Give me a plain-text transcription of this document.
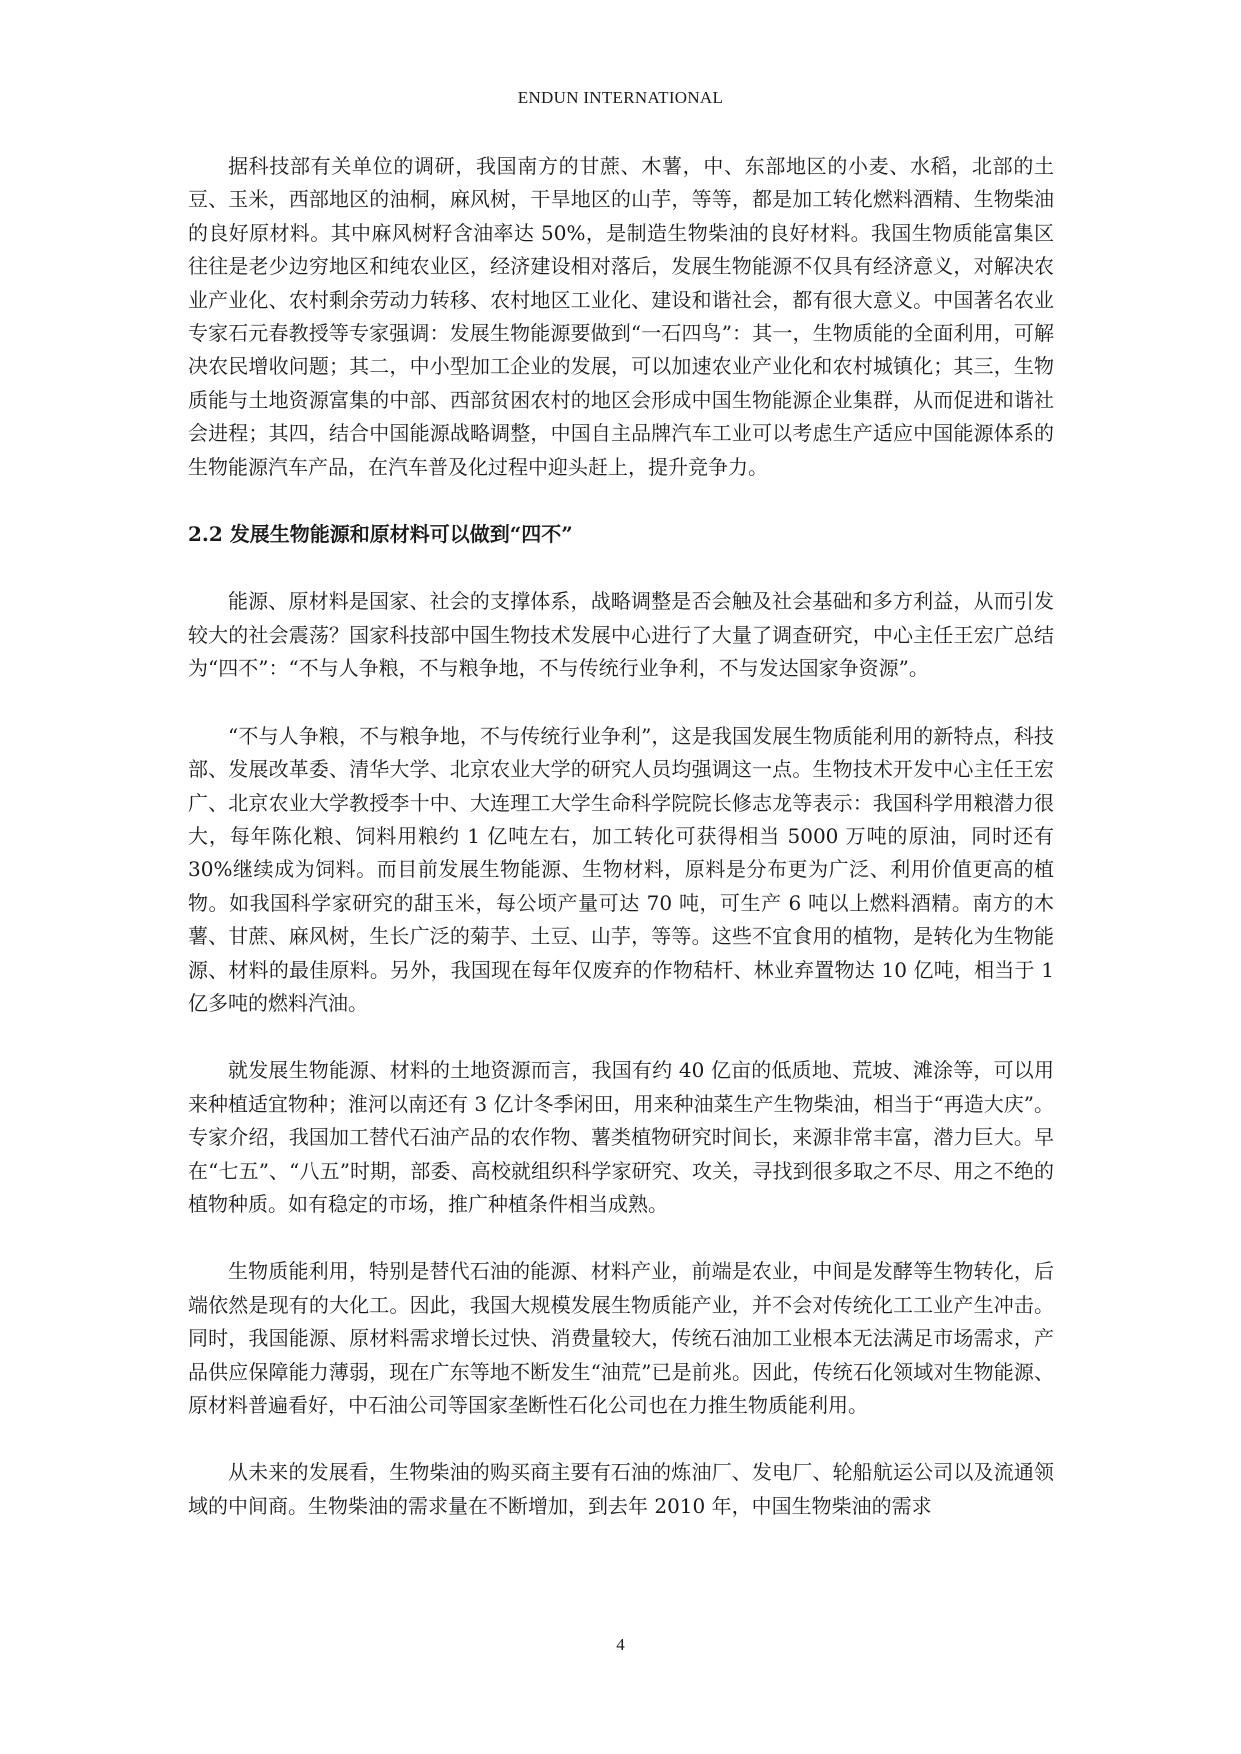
ENDUN INTERNATIONAL

据科技部有关单位的调研，我国南方的甘蔗、木薯，中、东部地区的小麦、水稻，北部的土豆、玉米，西部地区的油桐，麻风树，干旱地区的山芋，等等，都是加工转化燃料酒精、生物柴油的良好原材料。其中麻风树籽含油率达 50%，是制造生物柴油的良好材料。我国生物质能富集区往往是老少边穷地区和纯农业区，经济建设相对落后，发展生物能源不仅具有经济意义，对解决农业产业化、农村剩余劳动力转移、农村地区工业化、建设和谐社会，都有很大意义。中国著名农业专家石元春教授等专家强调：发展生物能源要做到“一石四鸟”：其一，生物质能的全面利用，可解决农民增收问题；其二，中小型加工企业的发展，可以加速农业产业化和农村城镇化；其三，生物质能与土地资源富集的中部、西部贫困农村的地区会形成中国生物能源企业集群，从而促进和谐社会进程；其四，结合中国能源战略调整，中国自主品牌汽车工业可以考虑生产适应中国能源体系的生物能源汽车产品，在汽车普及化过程中迎头赶上，提升竞争力。

2.2 发展生物能源和原材料可以做到“四不”

能源、原材料是国家、社会的支撑体系，战略调整是否会触及社会基础和多方利益，从而引发较大的社会震荡？国家科技部中国生物技术发展中心进行了大量了调查研究，中心主任王宏广总结为“四不”：“不与人争粮，不与粮争地，不与传统行业争利，不与发达国家争资源”。

“不与人争粮，不与粮争地，不与传统行业争利”，这是我国发展生物质能利用的新特点，科技部、发展改革委、清华大学、北京农业大学的研究人员均强调这一点。生物技术开发中心主任王宏广、北京农业大学教授李十中、大连理工大学生命科学院院长修志龙等表示：我国科学用粮潜力很大，每年陈化粮、饲料用粮约 1 亿吨左右，加工转化可获得相当 5000 万吨的原油，同时还有 30%继续成为饲料。而目前发展生物能源、生物材料，原料是分布更为广泛、利用价值更高的植物。如我国科学家研究的甜玉米，每公顷产量可达 70 吨，可生产 6 吨以上燃料酒精。南方的木薯、甘蔗、麻风树，生长广泛的菊芋、土豆、山芋，等等。这些不宜食用的植物，是转化为生物能源、材料的最佳原料。另外，我国现在每年仅废弃的作物秸杆、林业弃置物达 10 亿吨，相当于 1 亿多吨的燃料汽油。

就发展生物能源、材料的土地资源而言，我国有约 40 亿亩的低质地、荒坡、滩涂等，可以用来种植适宜物种；淮河以南还有 3 亿计冬季闲田，用来种油菜生产生物柴油，相当于“再造大庆”。专家介绍，我国加工替代石油产品的农作物、薯类植物研究时间长，来源非常丰富，潜力巨大。早在“七五”、“八五”时期，部委、高校就组织科学家研究、攻关，寻找到很多取之不尽、用之不绝的植物种质。如有稳定的市场，推广种植条件相当成熟。

生物质能利用，特别是替代石油的能源、材料产业，前端是农业，中间是发酵等生物转化，后端依然是现有的大化工。因此，我国大规模发展生物质能产业，并不会对传统化工工业产生冲击。同时，我国能源、原材料需求增长过快、消费量较大，传统石油加工业根本无法满足市场需求，产品供应保障能力薄弱，现在广东等地不断发生“油荒”已是前兆。因此，传统石化领域对生物能源、原材料普遍看好，中石油公司等国家垄断性石化公司也在力推生物质能利用。

从未来的发展看，生物柴油的购买商主要有石油的炼油厂、发电厂、轮船航运公司以及流通领域的中间商。生物柴油的需求量在不断增加，到去年 2010 年，中国生物柴油的需求

4
